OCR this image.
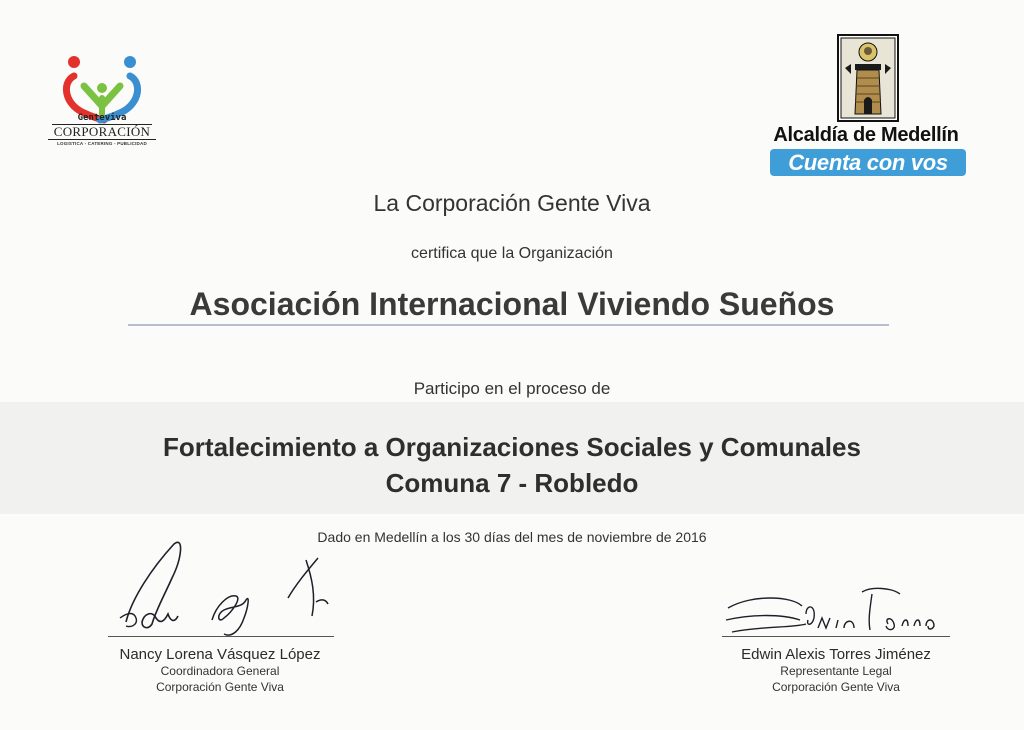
Genteviva
CORPORACIÓN
LOGISTICA - CATERING - PUBLICIDAD	Alcaldía de Medellín
Cuenta con vos
La Corporación Gente Viva
certifica que la Organización
Asociación Internacional Viviendo Sueños
Participo en el proceso de
Fortalecimiento a Organizaciones Sociales y Comunales
Comuna 7 - Robledo
Dado en Medellín a los 30 días del mes de noviembre de 2016
Nancy Lorena Vásquez López
Coordinadora General
Corporación Gente Viva
Edwin Alexis Torres Jiménez
Representante Legal
Corporación Gente Viva
